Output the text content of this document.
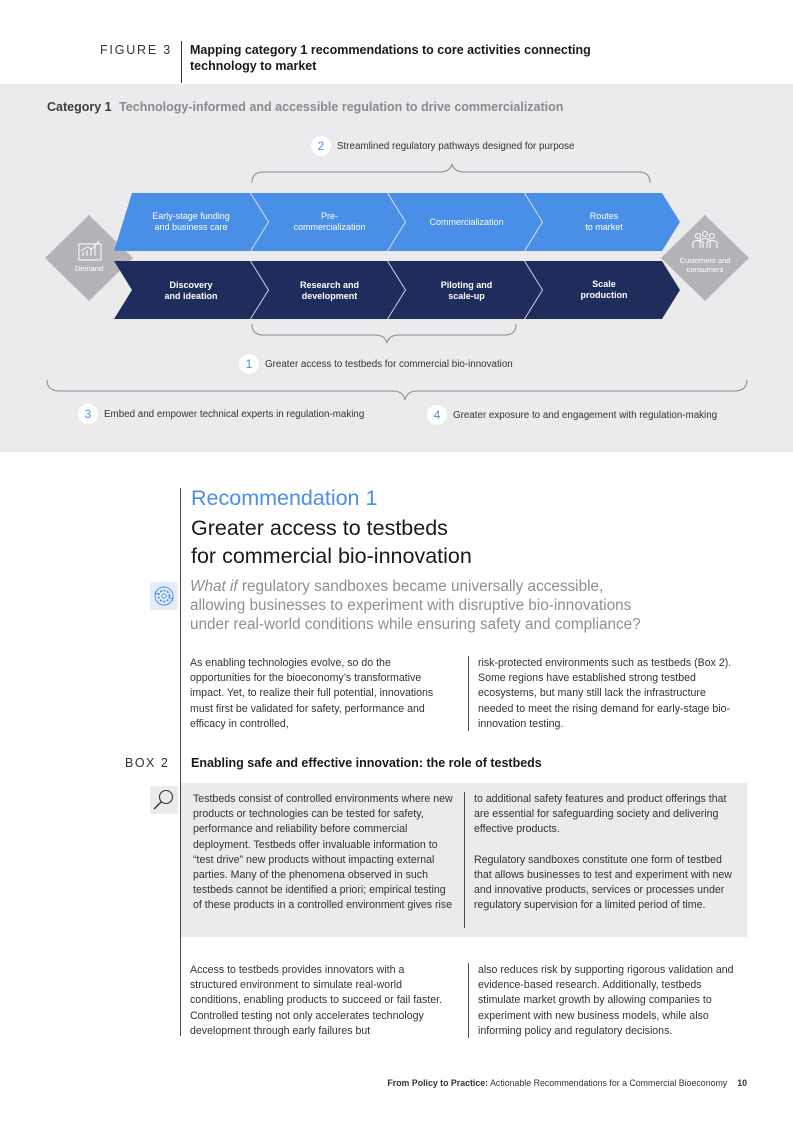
FIGURE 3 Mapping category 1 recommendations to core activities connecting technology to market
Category 1 Technology-informed and accessible regulation to drive commercialization
Demand
Customers and consumers
Early-stage funding
and business care
Pre-
commercialization	Commercialization
Routes
to market
Discovery
and ideation
Research and
development
Piloting and
scale-up
Scale
production
2	Streamlined regulatory pathways designed for purpose
1	Greater access to testbeds for commercial bio-innovation
3	Embed and empower technical experts in regulation-making	4	Greater exposure to and engagement with regulation-making
Recommendation 1
Greater access to testbeds
for commercial bio-innovation
What if regulatory sandboxes became universally accessible,
allowing businesses to experiment with disruptive bio-innovations
under real-world conditions while ensuring safety and compliance?
As enabling technologies evolve, so do the opportunities for the bioeconomy’s transformative impact. Yet, to realize their full potential, innovations must first be validated for safety, performance and efficacy in controlled,
risk-protected environments such as testbeds (Box 2). Some regions have established strong testbed ecosystems, but many still lack the infrastructure needed to meet the rising demand for early-stage bio-innovation testing.
BOX 2 Enabling safe and effective innovation: the role of testbeds
Testbeds consist of controlled environments where new products or technologies can be tested for safety, performance and reliability before commercial deployment. Testbeds offer invaluable information to “test drive” new products without impacting external parties. Many of the phenomena observed in such testbeds cannot be identified a priori; empirical testing of these products in a controlled environment gives rise

to additional safety features and product offerings that are essential for safeguarding society and delivering effective products.

Regulatory sandboxes constitute one form of testbed that allows businesses to test and experiment with new and innovative products, services or processes under regulatory supervision for a limited period of time.

Access to testbeds provides innovators with a structured environment to simulate real-world conditions, enabling products to succeed or fail faster. Controlled testing not only accelerates technology development through early failures but
also reduces risk by supporting rigorous validation and evidence-based research. Additionally, testbeds stimulate market growth by allowing companies to experiment with new business models, while also informing policy and regulatory decisions.
From Policy to Practice: Actionable Recommendations for a Commercial Bioeconomy 10
